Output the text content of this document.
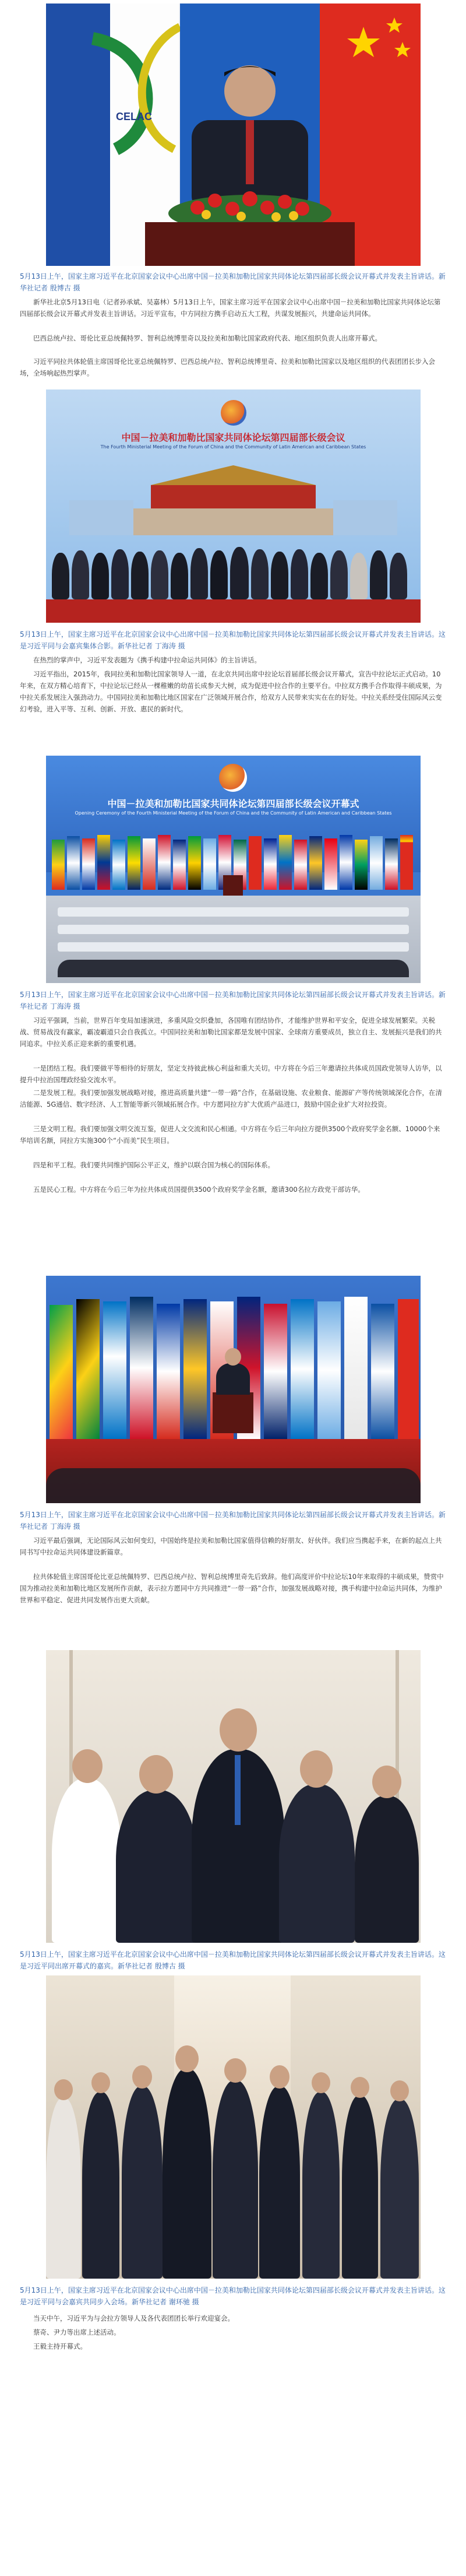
CELAC

5月13日上午，国家主席习近平在北京国家会议中心出席中国－拉美和加勒比国家共同体论坛第四届部长级会议开幕式并发表主旨讲话。新华社记者 殷博古 摄

新华社北京5月13日电（记者孙承斌、吴嘉林）5月13日上午，国家主席习近平在国家会议中心出席中国－拉美和加勒比国家共同体论坛第四届部长级会议开幕式并发表主旨讲话。习近平宣布，中方同拉方携手启动五大工程，共谋发展振兴，共建命运共同体。

巴西总统卢拉、哥伦比亚总统佩特罗、智利总统博里奇以及拉美和加勒比国家政府代表、地区组织负责人出席开幕式。

习近平同拉共体轮值主席国哥伦比亚总统佩特罗、巴西总统卢拉、智利总统博里奇、拉美和加勒比国家以及地区组织的代表团团长步入会场，全场响起热烈掌声。

中国－拉美和加勒比国家共同体论坛第四届部长级会议
The Fourth Ministerial Meeting of the Forum of China and the Community of Latin American and Caribbean States

5月13日上午，国家主席习近平在北京国家会议中心出席中国－拉美和加勒比国家共同体论坛第四届部长级会议开幕式并发表主旨讲话。这是习近平同与会嘉宾集体合影。新华社记者 丁海涛 摄

在热烈的掌声中，习近平发表题为《携手构建中拉命运共同体》的主旨讲话。

习近平指出，2015年，我同拉美和加勒比国家领导人一道，在北京共同出席中拉论坛首届部长级会议开幕式，宣告中拉论坛正式启动。10年来，在双方精心培育下，中拉论坛已经从一棵稚嫩的幼苗长成参天大树，成为促进中拉合作的主要平台。中拉双方携手合作取得丰硕成果，为中拉关系发展注入强劲动力。中国同拉美和加勒比地区国家在广泛领域开展合作，给双方人民带来实实在在的好处。中拉关系经受住国际风云变幻考验，进入平等、互利、创新、开放、惠民的新时代。

中国－拉美和加勒比国家共同体论坛第四届部长级会议开幕式
Opening Ceremony of the Fourth Ministerial Meeting of the Forum of China and the Community of Latin American and Caribbean States

5月13日上午，国家主席习近平在北京国家会议中心出席中国－拉美和加勒比国家共同体论坛第四届部长级会议开幕式并发表主旨讲话。新华社记者 丁海涛 摄

习近平强调，当前，世界百年变局加速演进，多重风险交织叠加，各国唯有团结协作，才能维护世界和平安全，促进全球发展繁荣。关税战、贸易战没有赢家，霸凌霸道只会自我孤立。中国同拉美和加勒比国家都是发展中国家、全球南方重要成员，独立自主、发展振兴是我们的共同追求。中拉关系正迎来新的重要机遇。

一是团结工程。我们要做平等相待的好朋友，坚定支持彼此核心利益和重大关切。中方将在今后三年邀请拉共体成员国政党领导人访华，以提升中拉治国理政经验交流水平。

二是发展工程。我们要加强发展战略对接，推进高质量共建“一带一路”合作，在基础设施、农业粮食、能源矿产等传统领域深化合作，在清洁能源、5G通信、数字经济、人工智能等新兴领域拓展合作。中方愿同拉方扩大优质产品进口，鼓励中国企业扩大对拉投资。

三是文明工程。我们要加强文明交流互鉴，促进人文交流和民心相通。中方将在今后三年向拉方提供3500个政府奖学金名额、10000个来华培训名额，同拉方实施300个“小而美”民生项目。

四是和平工程。我们要共同维护国际公平正义，维护以联合国为核心的国际体系。

五是民心工程。中方将在今后三年为拉共体成员国提供3500个政府奖学金名额，邀请300名拉方政党干部访华。

5月13日上午，国家主席习近平在北京国家会议中心出席中国－拉美和加勒比国家共同体论坛第四届部长级会议开幕式并发表主旨讲话。新华社记者 丁海涛 摄

习近平最后强调，无论国际风云如何变幻，中国始终是拉美和加勒比国家值得信赖的好朋友、好伙伴。我们应当携起手来，在新的起点上共同书写中拉命运共同体建设新篇章。

拉共体轮值主席国哥伦比亚总统佩特罗、巴西总统卢拉、智利总统博里奇先后致辞。他们高度评价中拉论坛10年来取得的丰硕成果，赞赏中国为推动拉美和加勒比地区发展所作贡献，表示拉方愿同中方共同推进“一带一路”合作，加强发展战略对接，携手构建中拉命运共同体，为维护世界和平稳定、促进共同发展作出更大贡献。

5月13日上午，国家主席习近平在北京国家会议中心出席中国－拉美和加勒比国家共同体论坛第四届部长级会议开幕式并发表主旨讲话。这是习近平同出席开幕式的嘉宾。新华社记者 殷博古 摄

5月13日上午，国家主席习近平在北京国家会议中心出席中国－拉美和加勒比国家共同体论坛第四届部长级会议开幕式并发表主旨讲话。这是习近平同与会嘉宾共同步入会场。新华社记者 谢环驰 摄

当天中午，习近平为与会拉方领导人及各代表团团长举行欢迎宴会。

蔡奇、尹力等出席上述活动。

王毅主持开幕式。
